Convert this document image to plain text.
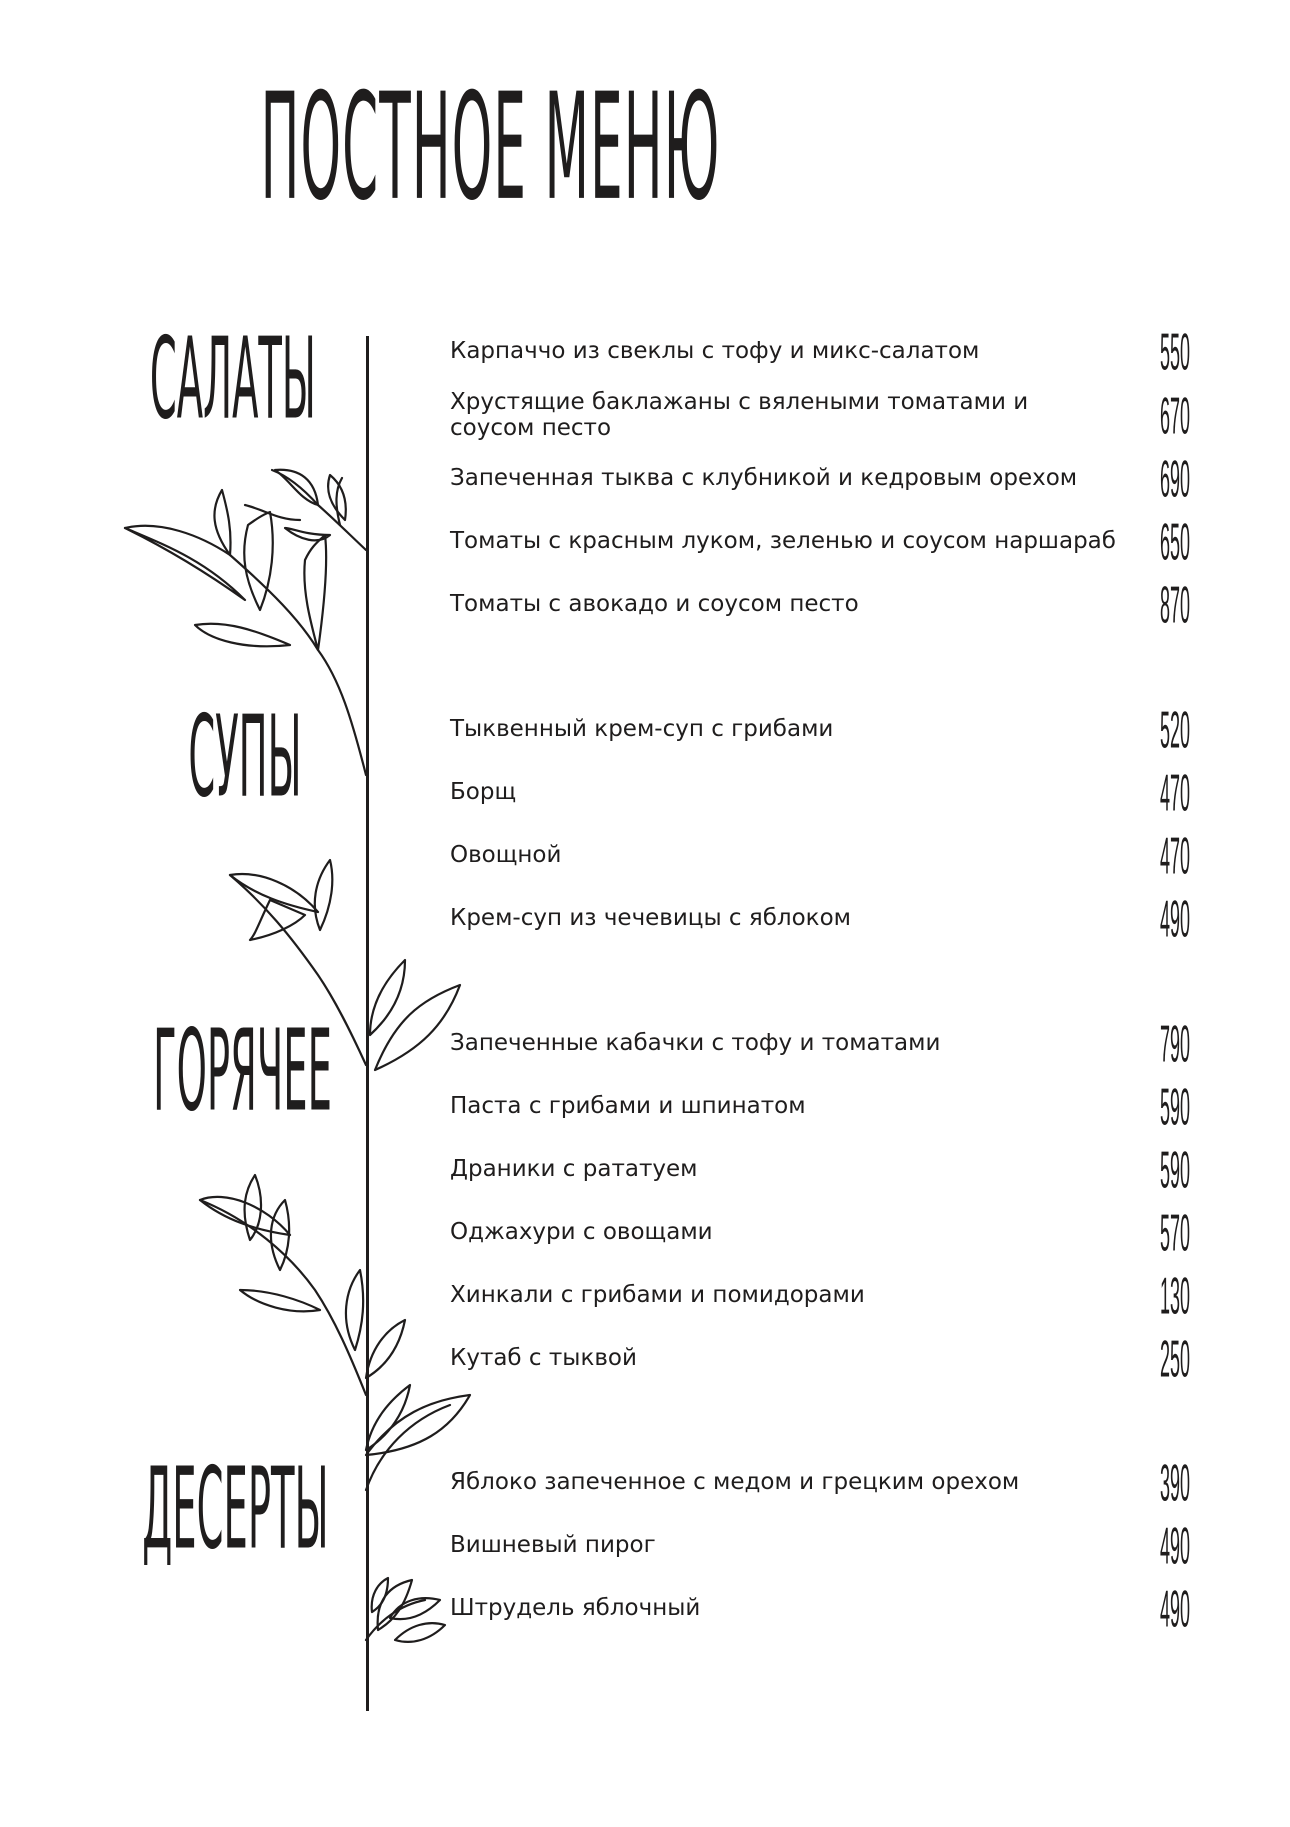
ПОСТНОЕ МЕНЮ
САЛАТЫ
СУПЫ
ГОРЯЧЕЕ
ДЕСЕРТЫ
Карпаччо из свеклы с тофу и микс-салатом	550
Хрустящие баклажаны с вялеными томатами и соусом песто	670
Запеченная тыква с клубникой и кедровым орехом	690
Томаты с красным луком, зеленью и соусом наршараб	650
Томаты с авокадо и соусом песто	870
Тыквенный крем-суп с грибами	520
Борщ	470
Овощной	470
Крем-суп из чечевицы с яблоком	490
Запеченные кабачки с тофу и томатами	790
Паста с грибами и шпинатом	590
Драники с рататуем	590
Оджахури с овощами	570
Хинкали с грибами и помидорами	130
Кутаб с тыквой	250
Яблоко запеченное с медом и грецким орехом	390
Вишневый пирог	490
Штрудель яблочный	490
